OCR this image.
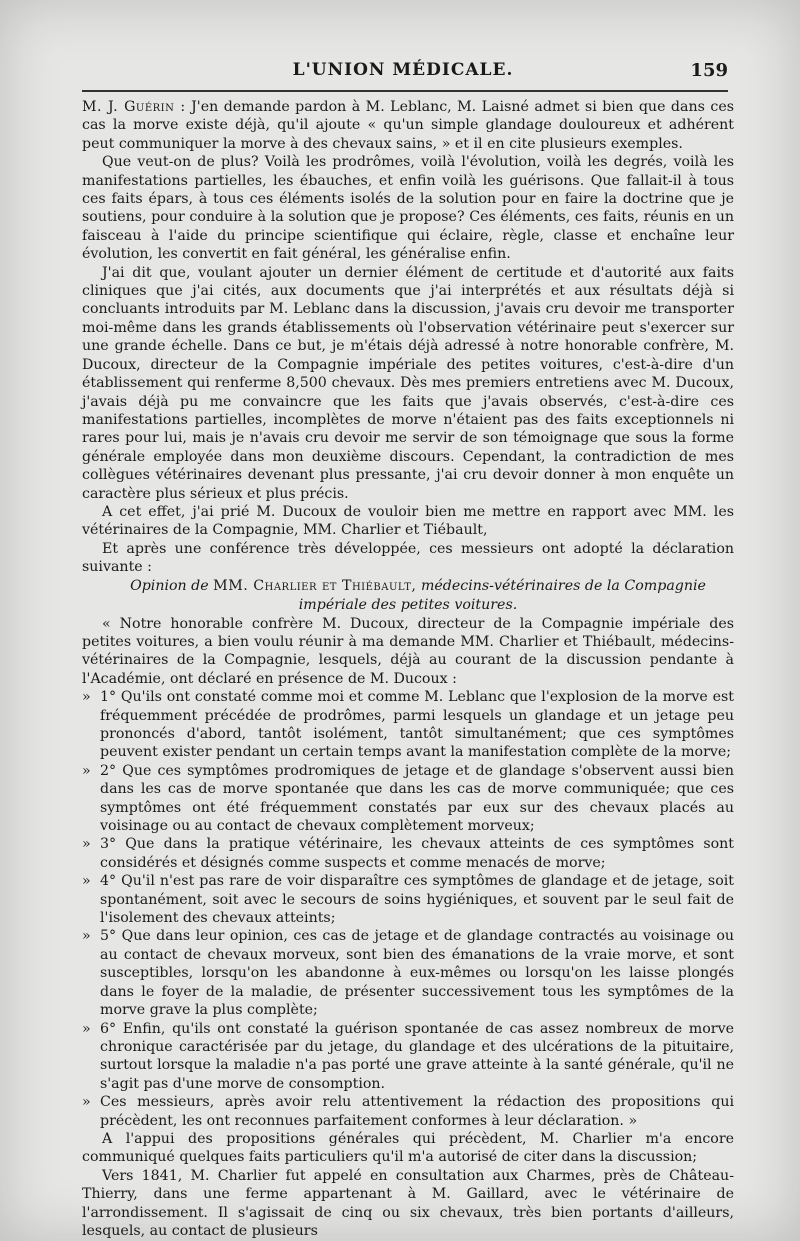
L'UNION MÉDICALE.	159

M. J. Guérin : J'en demande pardon à M. Leblanc, M. Laisné admet si bien que dans ces cas la morve existe déjà, qu'il ajoute « qu'un simple glandage douloureux et adhérent peut communiquer la morve à des chevaux sains, » et il en cite plusieurs exemples.

Que veut-on de plus? Voilà les prodrômes, voilà l'évolution, voilà les degrés, voilà les manifestations partielles, les ébauches, et enfin voilà les guérisons. Que fallait-il à tous ces faits épars, à tous ces éléments isolés de la solution pour en faire la doctrine que je soutiens, pour conduire à la solution que je propose? Ces éléments, ces faits, réunis en un faisceau à l'aide du principe scientifique qui éclaire, règle, classe et enchaîne leur évolution, les convertit en fait général, les généralise enfin.

J'ai dit que, voulant ajouter un dernier élément de certitude et d'autorité aux faits cliniques que j'ai cités, aux documents que j'ai interprétés et aux résultats déjà si concluants introduits par M. Leblanc dans la discussion, j'avais cru devoir me transporter moi-même dans les grands établissements où l'observation vétérinaire peut s'exercer sur une grande échelle. Dans ce but, je m'étais déjà adressé à notre honorable confrère, M. Ducoux, directeur de la Compagnie impériale des petites voitures, c'est-à-dire d'un établissement qui renferme 8,500 chevaux. Dès mes premiers entretiens avec M. Ducoux, j'avais déjà pu me convaincre que les faits que j'avais observés, c'est-à-dire ces manifestations partielles, incomplètes de morve n'étaient pas des faits exceptionnels ni rares pour lui, mais je n'avais cru devoir me servir de son témoignage que sous la forme générale employée dans mon deuxième discours. Cependant, la contradiction de mes collègues vétérinaires devenant plus pressante, j'ai cru devoir donner à mon enquête un caractère plus sérieux et plus précis.

A cet effet, j'ai prié M. Ducoux de vouloir bien me mettre en rapport avec MM. les vétérinaires de la Compagnie, MM. Charlier et Tiébault,

Et après une conférence très développée, ces messieurs ont adopté la déclaration suivante :

Opinion de MM. Charlier et Thiébault, médecins-vétérinaires de la Compagnie impériale des petites voitures.

« Notre honorable confrère M. Ducoux, directeur de la Compagnie impériale des petites voitures, a bien voulu réunir à ma demande MM. Charlier et Thiébault, médecins-vétérinaires de la Compagnie, lesquels, déjà au courant de la discussion pendante à l'Académie, ont déclaré en présence de M. Ducoux :

» 1° Qu'ils ont constaté comme moi et comme M. Leblanc que l'explosion de la morve est fréquemment précédée de prodrômes, parmi lesquels un glandage et un jetage peu prononcés d'abord, tantôt isolément, tantôt simultanément; que ces symptômes peuvent exister pendant un certain temps avant la manifestation complète de la morve;

» 2° Que ces symptômes prodromiques de jetage et de glandage s'observent aussi bien dans les cas de morve spontanée que dans les cas de morve communiquée; que ces symptômes ont été fréquemment constatés par eux sur des chevaux placés au voisinage ou au contact de chevaux complètement morveux;

» 3° Que dans la pratique vétérinaire, les chevaux atteints de ces symptômes sont considérés et désignés comme suspects et comme menacés de morve;

» 4° Qu'il n'est pas rare de voir disparaître ces symptômes de glandage et de jetage, soit spontanément, soit avec le secours de soins hygiéniques, et souvent par le seul fait de l'isolement des chevaux atteints;

» 5° Que dans leur opinion, ces cas de jetage et de glandage contractés au voisinage ou au contact de chevaux morveux, sont bien des émanations de la vraie morve, et sont susceptibles, lorsqu'on les abandonne à eux-mêmes ou lorsqu'on les laisse plongés dans le foyer de la maladie, de présenter successivement tous les symptômes de la morve grave la plus complète;

» 6° Enfin, qu'ils ont constaté la guérison spontanée de cas assez nombreux de morve chronique caractérisée par du jetage, du glandage et des ulcérations de la pituitaire, surtout lorsque la maladie n'a pas porté une grave atteinte à la santé générale, qu'il ne s'agit pas d'une morve de consomption.

» Ces messieurs, après avoir relu attentivement la rédaction des propositions qui précèdent, les ont reconnues parfaitement conformes à leur déclaration. »

A l'appui des propositions générales qui précèdent, M. Charlier m'a encore communiqué quelques faits particuliers qu'il m'a autorisé de citer dans la discussion;

Vers 1841, M. Charlier fut appelé en consultation aux Charmes, près de Château-Thierry, dans une ferme appartenant à M. Gaillard, avec le vétérinaire de l'arrondissement. Il s'agissait de cinq ou six chevaux, très bien portants d'ailleurs, lesquels, au contact de plusieurs
